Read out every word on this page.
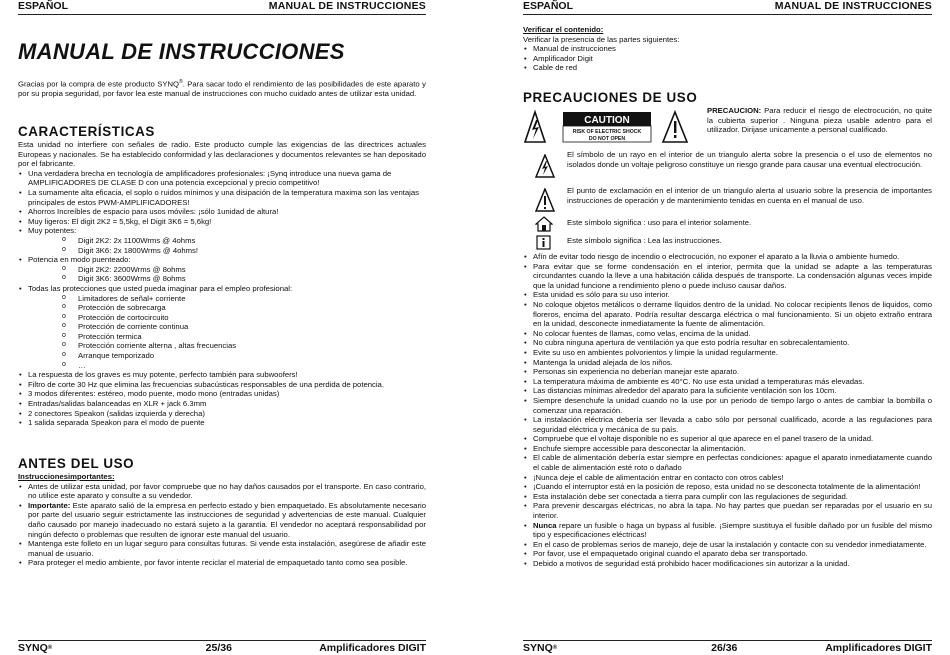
ESPAÑOL	MANUAL DE INSTRUCCIONES
MANUAL DE INSTRUCCIONES
Gracias por la compra de este producto SYNQ®. Para sacar todo el rendimiento de las posibilidades de este aparato y por su propia seguridad, por favor lea este manual de instrucciones con mucho cuidado antes de utilizar esta unidad.
CARACTERÍSTICAS

Esta unidad no interfiere con señales de radio. Este producto cumple las exigencias de las directrices actuales Europeas y nacionales. Se ha establecido conformidad y las declaraciones y documentos relevantes se han depositado por el fabricante.

• Una verdadera brecha en tecnología de amplificadores profesionales: ¡Synq introduce una nueva gama de AMPLIFICADORES DE CLASE D con una potencia excepcional y precio competitivo!
• La sumamente alta eficacia, el soplo o ruidos mínimos y una disipación de la temperatura maxima son las ventajas principales de estos PWM-AMPLIFICADORES!
• Ahorros Increíbles de espacio para usos móviles: ¡sólo 1unidad de altura!
• Muy ligeros: El digit 2K2 = 5,5kg, el Digit 3K6 = 5,6kg!
• Muy potentes:
o Digit 2K2: 2x 1100Wrms @ 4ohms
o Digit 3K6: 2x 1800Wrms @ 4ohms!
• Potencia en modo puenteado:
o Digit 2K2: 2200Wrms @ 8ohms
o Digit 3K6: 3600Wrms @ 8ohms
• Todas las protecciones que usted pueda imaginar para el empleo profesional:
o Limitadores de señal+ corriente
o Protección de sobrecarga
o Protección de cortocircuito
o Protección de corriente continua
o Protección termica
o Protección corriente alterna , altas frecuencias
o Arranque temporizado
o …
• La respuesta de los graves es muy potente, perfecto también para subwoofers!
• Filtro de corte 30 Hz que elimina las frecuencias subacústicas responsables de una perdida de potencia.
• 3 modos diferentes: estéreo, modo puente, modo mono (entradas unidas)
• Entradas/salidas balanceadas en XLR + jack 6.3mm
• 2 conectores Speakon (salidas izquierda y derecha)
• 1 salida separada Speakon para el modo de puente
ANTES DEL USO
Instruccionesimportantes:
• Antes de utilizar esta unidad, por favor compruebe que no hay daños causados por el transporte. En caso contrario, no utilice este aparato y consulte a su vendedor.
• Importante: Este aparato salió de la empresa en perfecto estado y bien empaquetado. Es absolutamente necesario por parte del usuario seguir estrictamente las instrucciones de seguridad y advertencias de este manual. Cualquier daño causado por manejo inadecuado no estará sujeto a la garantía. El vendedor no aceptará responsabilidad por ningún defecto o problemas que resulten de ignorar este manual del usuario.
• Mantenga este folleto en un lugar seguro para consultas futuras. Si vende esta instalación, asegúrese de añadir este manual de usuario.
• Para proteger el medio ambiente, por favor intente reciclar el material de empaquetado tanto como sea posible.
SYNQ®	25/36	Amplificadores DIGIT
ESPAÑOL	MANUAL DE INSTRUCCIONES
Verificar el contenido:

Verificar la presencia de las partes siguientes:

• Manual de instrucciones
• Amplificador Digit
• Cable de red
PRECAUCIONES DE USO
CAUTION
RISK OF ELECTRIC SHOCK
DO NOT OPEN
PRECAUCION: Para reducir el riesgo de electrocución, no quite la cubierta superior . Ninguna pieza usable adentro para el utilizador. Dirijase unicamente a personal cualificado.
El símbolo de un rayo en el interior de un triangulo alerta sobre la presencia o el uso de elementos no isolados donde un voltaje peligroso constituye un riesgo grande para causar una eventual electrocución.
El punto de exclamación en el interior de un triangulo alerta al usuario sobre la presencia de importantes instrucciones de operación y de mantenimiento tenidas en cuenta en el manual de uso.
Este símbolo significa : uso para el interior solamente.
Este símbolo significa : Lea las instrucciones.
• Afín de evitar todo riesgo de incendio o electrocución, no exponer el aparato a la lluvia o ambiente humedo.
• Para evitar que se forme condensación en el interior, permita que la unidad se adapte a las temperaturas circundantes cuando la lleve a una habitación cálida después de transporte. La condensación algunas veces impide que la unidad funcione a rendimiento pleno o puede incluso causar daños.
• Esta unidad es sólo para su uso interior.
• No coloque objetos metálicos o derrame líquidos dentro de la unidad. No colocar recipients llenos de liquidos, como floreros, encima del aparato. Podría resultar descarga eléctrica o mal funcionamiento. Si un objeto extraño entrara en la unidad, desconecte inmediatamente la fuente de alimentación.
• No colocar fuentes de llamas, como velas, encima de la unidad.
• No cubra ninguna apertura de ventilación ya que esto podría resultar en sobrecalentamiento.
• Evite su uso en ambientes polvorientos y limpie la unidad regularmente.
• Mantenga la unidad alejada de los niños.
• Personas sin experiencia no deberían manejar este aparato.
• La temperatura máxima de ambiente es 40°C. No use esta unidad a temperaturas más elevadas.
• Las distancias mínimas alrededor del aparato para la suficiente ventilación son los 10cm.
• Siempre desenchufe la unidad cuando no la use por un periodo de tiempo largo o antes de cambiar la bombilla o comenzar una reparación.
• La instalación eléctrica debería ser llevada a cabo sólo por personal cualificado, acorde a las regulaciones para seguridad eléctrica y mecánica de su país.
• Compruebe que el voltaje disponible no es superior al que aparece en el panel trasero de la unidad.
• Enchufe siempre accessible para desconectar la alimentación.
• El cable de alimentación debería estar siempre en perfectas condiciones: apague el aparato inmediatamente cuando el cable de alimentación esté roto o dañado
• ¡Nunca deje el cable de alimentación entrar en contacto con otros cables!
• ¡Cuando el interruptor está en la posición de reposo, esta unidad no se desconecta totalmente de la alimentación!
• Esta instalación debe ser conectada a tierra para cumplir con las regulaciones de seguridad.
• Para prevenir descargas eléctricas, no abra la tapa. No hay partes que puedan ser reparadas por el usuario en su interior.
• Nunca repare un fusible o haga un bypass al fusible. ¡Siempre sustituya el fusible dañado por un fusible del mismo tipo y especificaciones eléctricas!
• En el caso de problemas serios de manejo, deje de usar la instalación y contacte con su vendedor inmediatamente.
• Por favor, use el empaquetado original cuando el aparato deba ser transportado.
• Debido a motivos de seguridad está prohibido hacer modificaciones sin autorizar a la unidad.
SYNQ®	26/36	Amplificadores DIGIT
